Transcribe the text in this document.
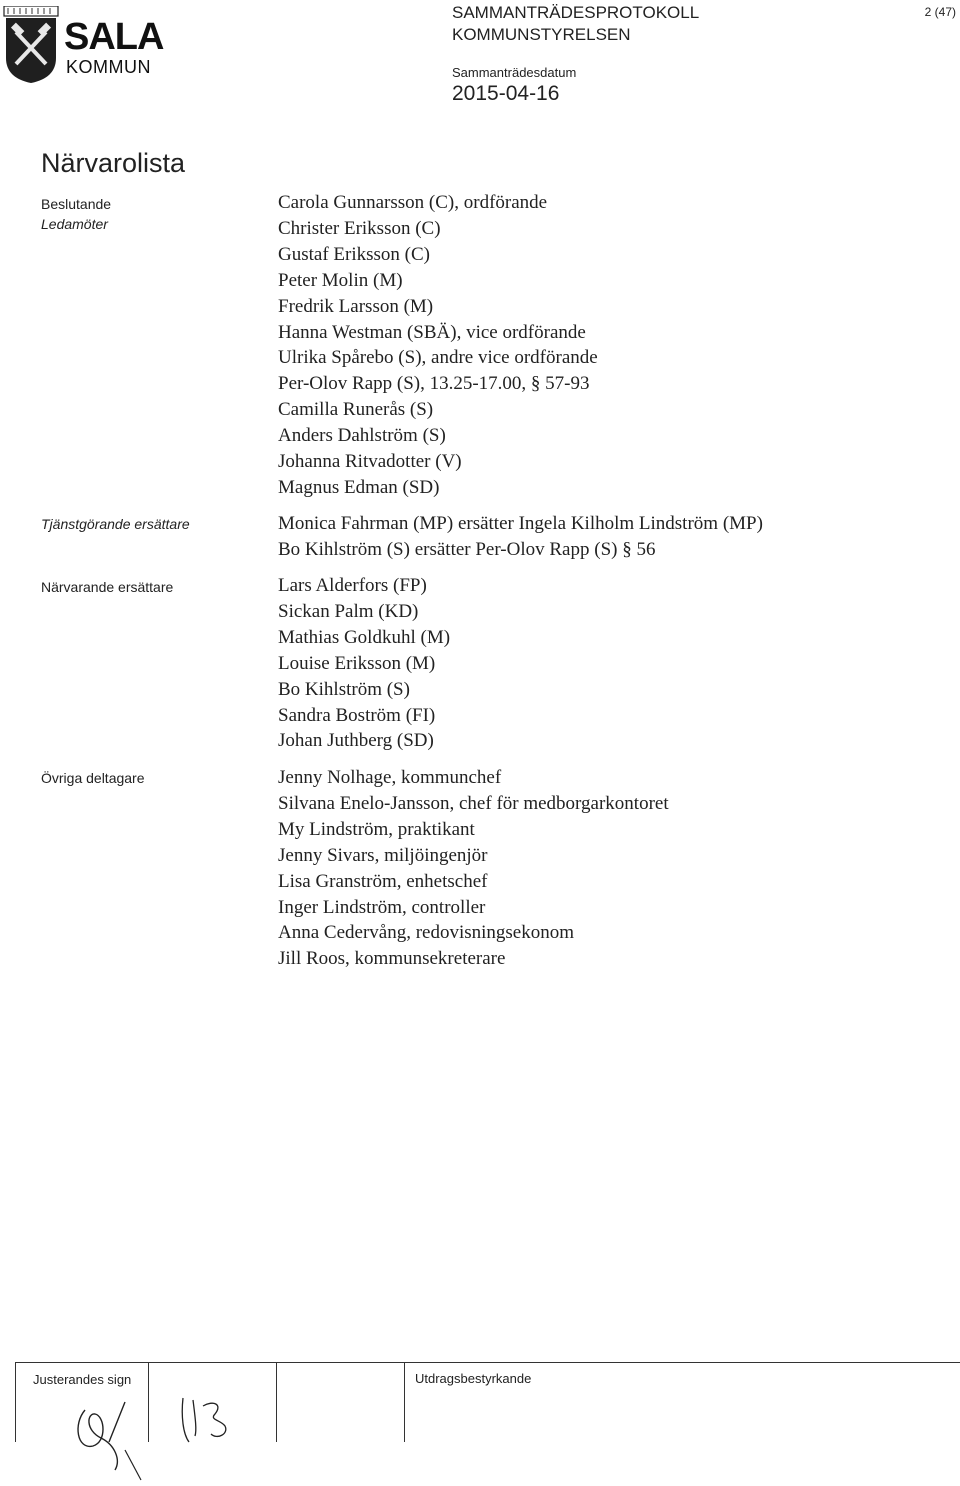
SALA
KOMMUN
SAMMANTRÄDESPROTOKOLL
KOMMUNSTYRELSEN
2 (47)
Sammanträdesdatum
2015-04-16
Närvarolista
Beslutande
Ledamöter
Carola Gunnarsson (C), ordförande
Christer Eriksson (C)
Gustaf Eriksson (C)
Peter Molin (M)
Fredrik Larsson (M)
Hanna Westman (SBÄ), vice ordförande
Ulrika Spårebo (S), andre vice ordförande
Per-Olov Rapp (S), 13.25-17.00, § 57-93
Camilla Runerås (S)
Anders Dahlström (S)
Johanna Ritvadotter (V)
Magnus Edman (SD)
Tjänstgörande ersättare	Monica Fahrman (MP) ersätter Ingela Kilholm Lindström (MP)
Bo Kihlström (S) ersätter Per-Olov Rapp (S) § 56
Närvarande ersättare	Lars Alderfors (FP)
Sickan Palm (KD)
Mathias Goldkuhl (M)
Louise Eriksson (M)
Bo Kihlström (S)
Sandra Boström (FI)
Johan Juthberg (SD)
Övriga deltagare	Jenny Nolhage, kommunchef
Silvana Enelo-Jansson, chef för medborgarkontoret
My Lindström, praktikant
Jenny Sivars, miljöingenjör
Lisa Granström, enhetschef
Inger Lindström, controller
Anna Cedervång, redovisningsekonom
Jill Roos, kommunsekreterare
Justerandes sign	Utdragsbestyrkande
